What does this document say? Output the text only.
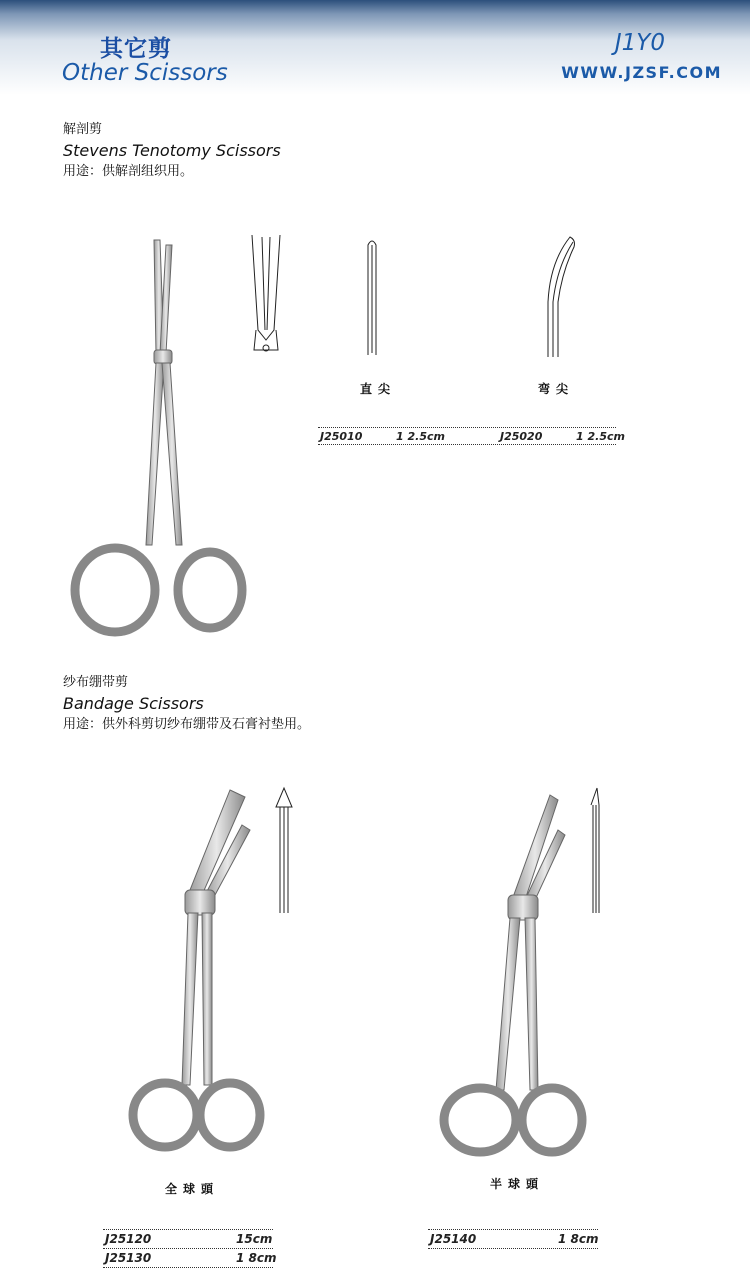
其它剪
Other Scissors
J1Y0
WWW.JZSF.COM
解剖剪
Stevens Tenotomy Scissors
用途：供解剖组织用。
直尖	弯尖
J25010	1 2.5cm	J25020	1 2.5cm
纱布绷带剪
Bandage Scissors
用途：供外科剪切纱布绷带及石膏衬垫用。
全球頭	半球頭
J25120	15cm
J25130	1 8cm
J25140	1 8cm
